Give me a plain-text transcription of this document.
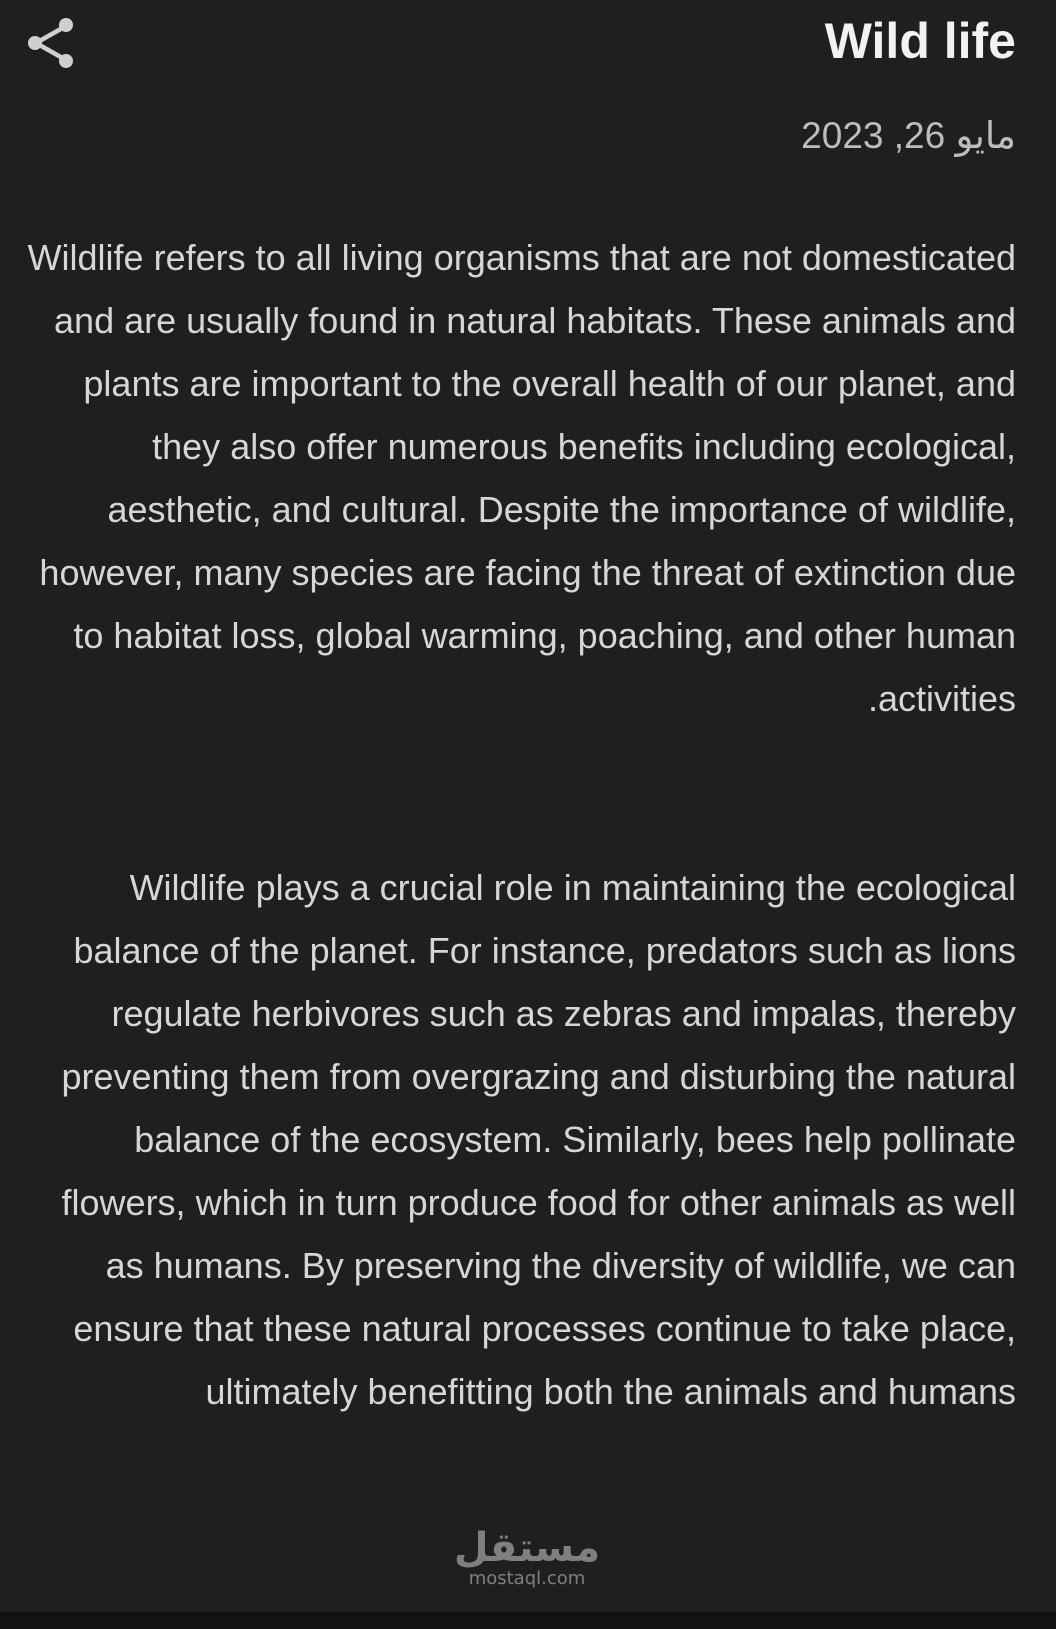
Wild life
مايو 26, 2023

Wildlife refers to all living organisms that are not domesticated and are usually found in natural habitats. These animals and plants are important to the overall health of our planet, and they also offer numerous benefits including ecological, aesthetic, and cultural. Despite the importance of wildlife, however, many species are facing the threat of extinction due to habitat loss, global warming, poaching, and other human activities.

Wildlife plays a crucial role in maintaining the ecological balance of the planet. For instance, predators such as lions regulate herbivores such as zebras and impalas, thereby preventing them from overgrazing and disturbing the natural balance of the ecosystem. Similarly, bees help pollinate flowers, which in turn produce food for other animals as well as humans. By preserving the diversity of wildlife, we can ensure that these natural processes continue to take place, ultimately benefitting both the animals and humans

مستقل
mostaql.com
